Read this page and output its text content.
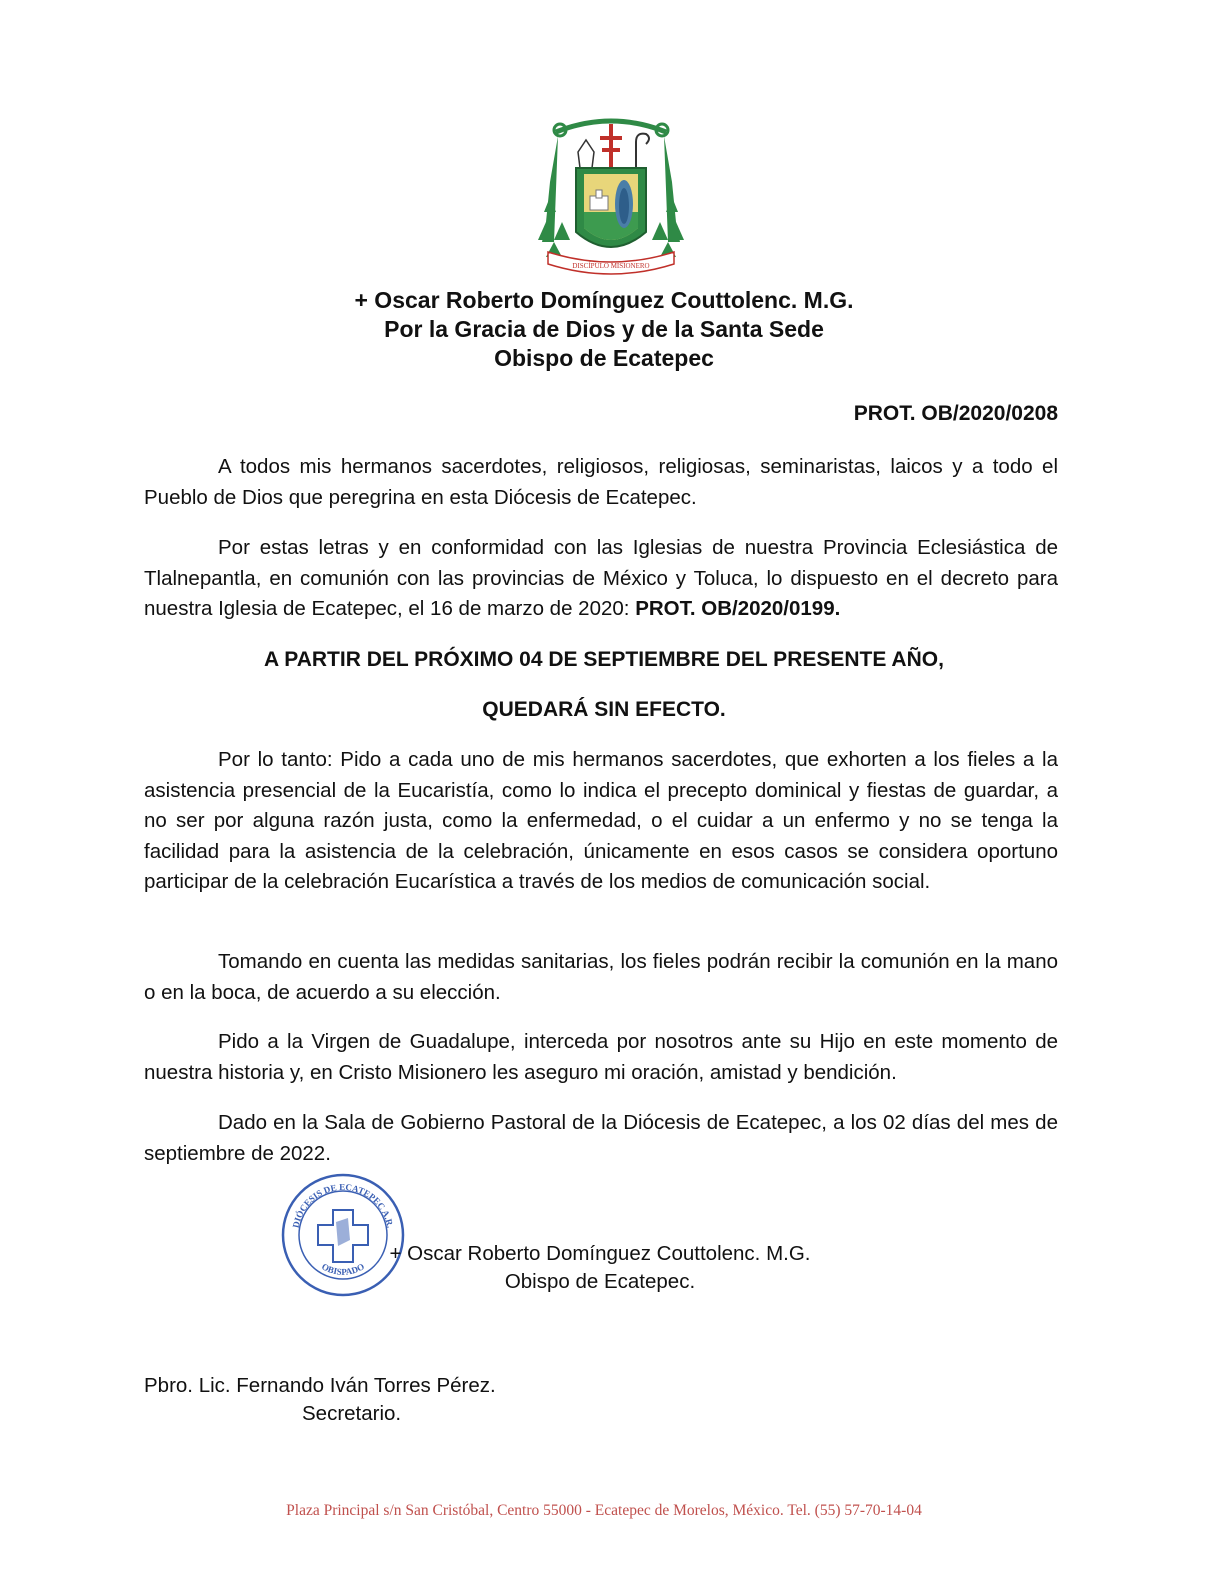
DISCÍPULO MISIONERO
+ Oscar Roberto Domínguez Couttolenc. M.G.
Por la Gracia de Dios y de la Santa Sede
Obispo de Ecatepec
PROT. OB/2020/0208

A todos mis hermanos sacerdotes, religiosos, religiosas, seminaristas, laicos y a todo el Pueblo de Dios que peregrina en esta Diócesis de Ecatepec.

Por estas letras y en conformidad con las Iglesias de nuestra Provincia Eclesiástica de Tlalnepantla, en comunión con las provincias de México y Toluca, lo dispuesto en el decreto para nuestra Iglesia de Ecatepec, el 16 de marzo de 2020: PROT. OB/2020/0199.

A PARTIR DEL PRÓXIMO 04 DE SEPTIEMBRE DEL PRESENTE AÑO,
QUEDARÁ SIN EFECTO.

Por lo tanto: Pido a cada uno de mis hermanos sacerdotes, que exhorten a los fieles a la asistencia presencial de la Eucaristía, como lo indica el precepto dominical y fiestas de guardar, a no ser por alguna razón justa, como la enfermedad, o el cuidar a un enfermo y no se tenga la facilidad para la asistencia de la celebración, únicamente en esos casos se considera oportuno participar de la celebración Eucarística a través de los medios de comunicación social.

Tomando en cuenta las medidas sanitarias, los fieles podrán recibir la comunión en la mano o en la boca, de acuerdo a su elección.

Pido a la Virgen de Guadalupe, interceda por nosotros ante su Hijo en este momento de nuestra historia y, en Cristo Misionero les aseguro mi oración, amistad y bendición.

Dado en la Sala de Gobierno Pastoral de la Diócesis de Ecatepec, a los 02 días del mes de septiembre de 2022.

DIÓCESIS DE ECATEPEC A.R.
OBISPADO
+ Oscar Roberto Domínguez Couttolenc. M.G.
Obispo de Ecatepec.
Pbro. Lic. Fernando Iván Torres Pérez.
Secretario.
Plaza Principal s/n San Cristóbal, Centro 55000 - Ecatepec de Morelos, México. Tel. (55) 57-70-14-04
